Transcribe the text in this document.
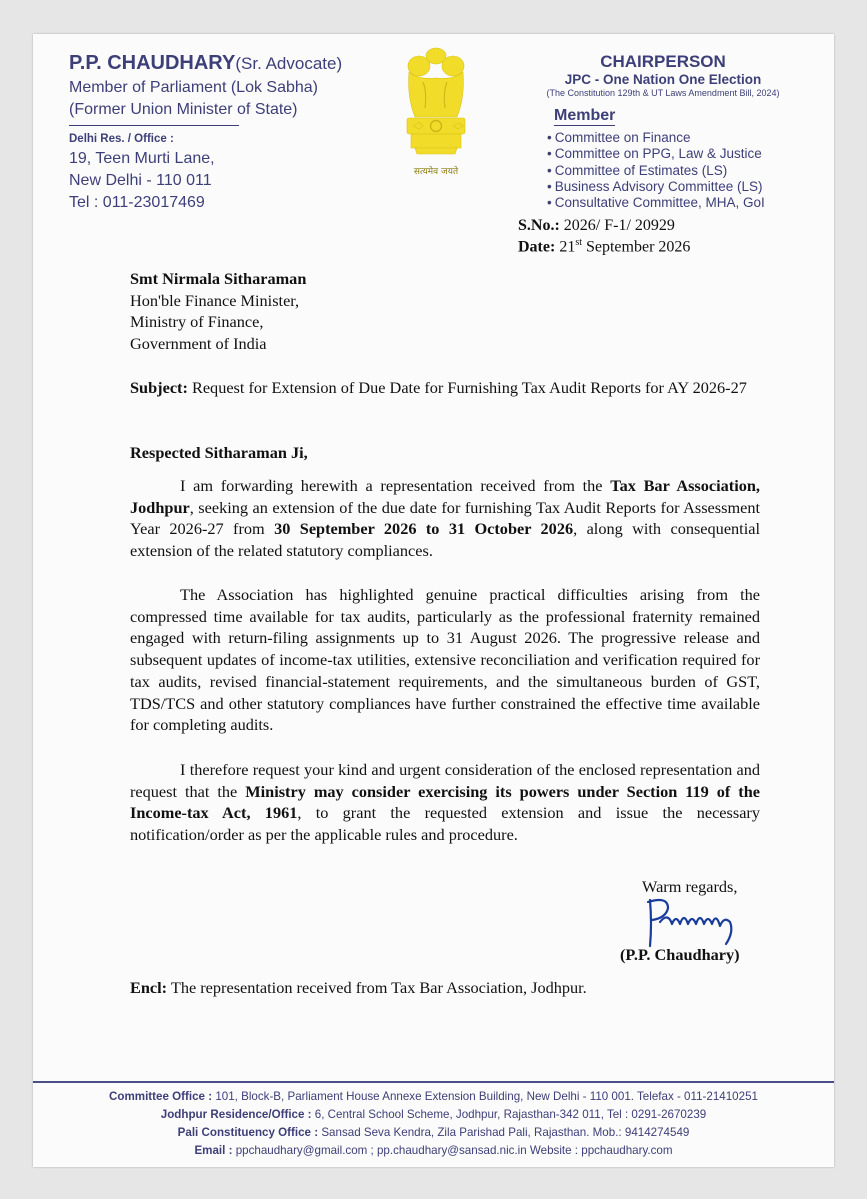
P.P. CHAUDHARY(Sr. Advocate)
Member of Parliament (Lok Sabha)
(Former Union Minister of State)
Delhi Res. / Office :
19, Teen Murti Lane,
New Delhi - 110 011
Tel : 011-23017469
सत्यमेव जयते
CHAIRPERSON
JPC - One Nation One Election
(The Constitution 129th & UT Laws Amendment Bill, 2024)
Member
• Committee on Finance
• Committee on PPG, Law & Justice
• Committee of Estimates (LS)
• Business Advisory Committee (LS)
• Consultative Committee, MHA, GoI
S.No.: 2026/ F-1/ 20929
Date: 21st September 2026
Smt Nirmala Sitharaman
Hon'ble Finance Minister,
Ministry of Finance,
Government of India
Subject: Request for Extension of Due Date for Furnishing Tax Audit Reports for AY 2026-27
Respected Sitharaman Ji,
I am forwarding herewith a representation received from the Tax Bar Association, Jodhpur, seeking an extension of the due date for furnishing Tax Audit Reports for Assessment Year 2026-27 from 30 September 2026 to 31 October 2026, along with consequential extension of the related statutory compliances.
The Association has highlighted genuine practical difficulties arising from the compressed time available for tax audits, particularly as the professional fraternity remained engaged with return-filing assignments up to 31 August 2026. The progressive release and subsequent updates of income-tax utilities, extensive reconciliation and verification required for tax audits, revised financial-statement requirements, and the simultaneous burden of GST, TDS/TCS and other statutory compliances have further constrained the effective time available for completing audits.
I therefore request your kind and urgent consideration of the enclosed representation and request that the Ministry may consider exercising its powers under Section 119 of the Income-tax Act, 1961, to grant the requested extension and issue the necessary notification/order as per the applicable rules and procedure.
Warm regards,
(P.P. Chaudhary)
Encl: The representation received from Tax Bar Association, Jodhpur.
Committee Office : 101, Block-B, Parliament House Annexe Extension Building, New Delhi - 110 001. Telefax - 011-21410251
Jodhpur Residence/Office : 6, Central School Scheme, Jodhpur, Rajasthan-342 011, Tel : 0291-2670239
Pali Constituency Office : Sansad Seva Kendra, Zila Parishad Pali, Rajasthan. Mob.: 9414274549
Email : ppchaudhary@gmail.com ; pp.chaudhary@sansad.nic.in Website : ppchaudhary.com
